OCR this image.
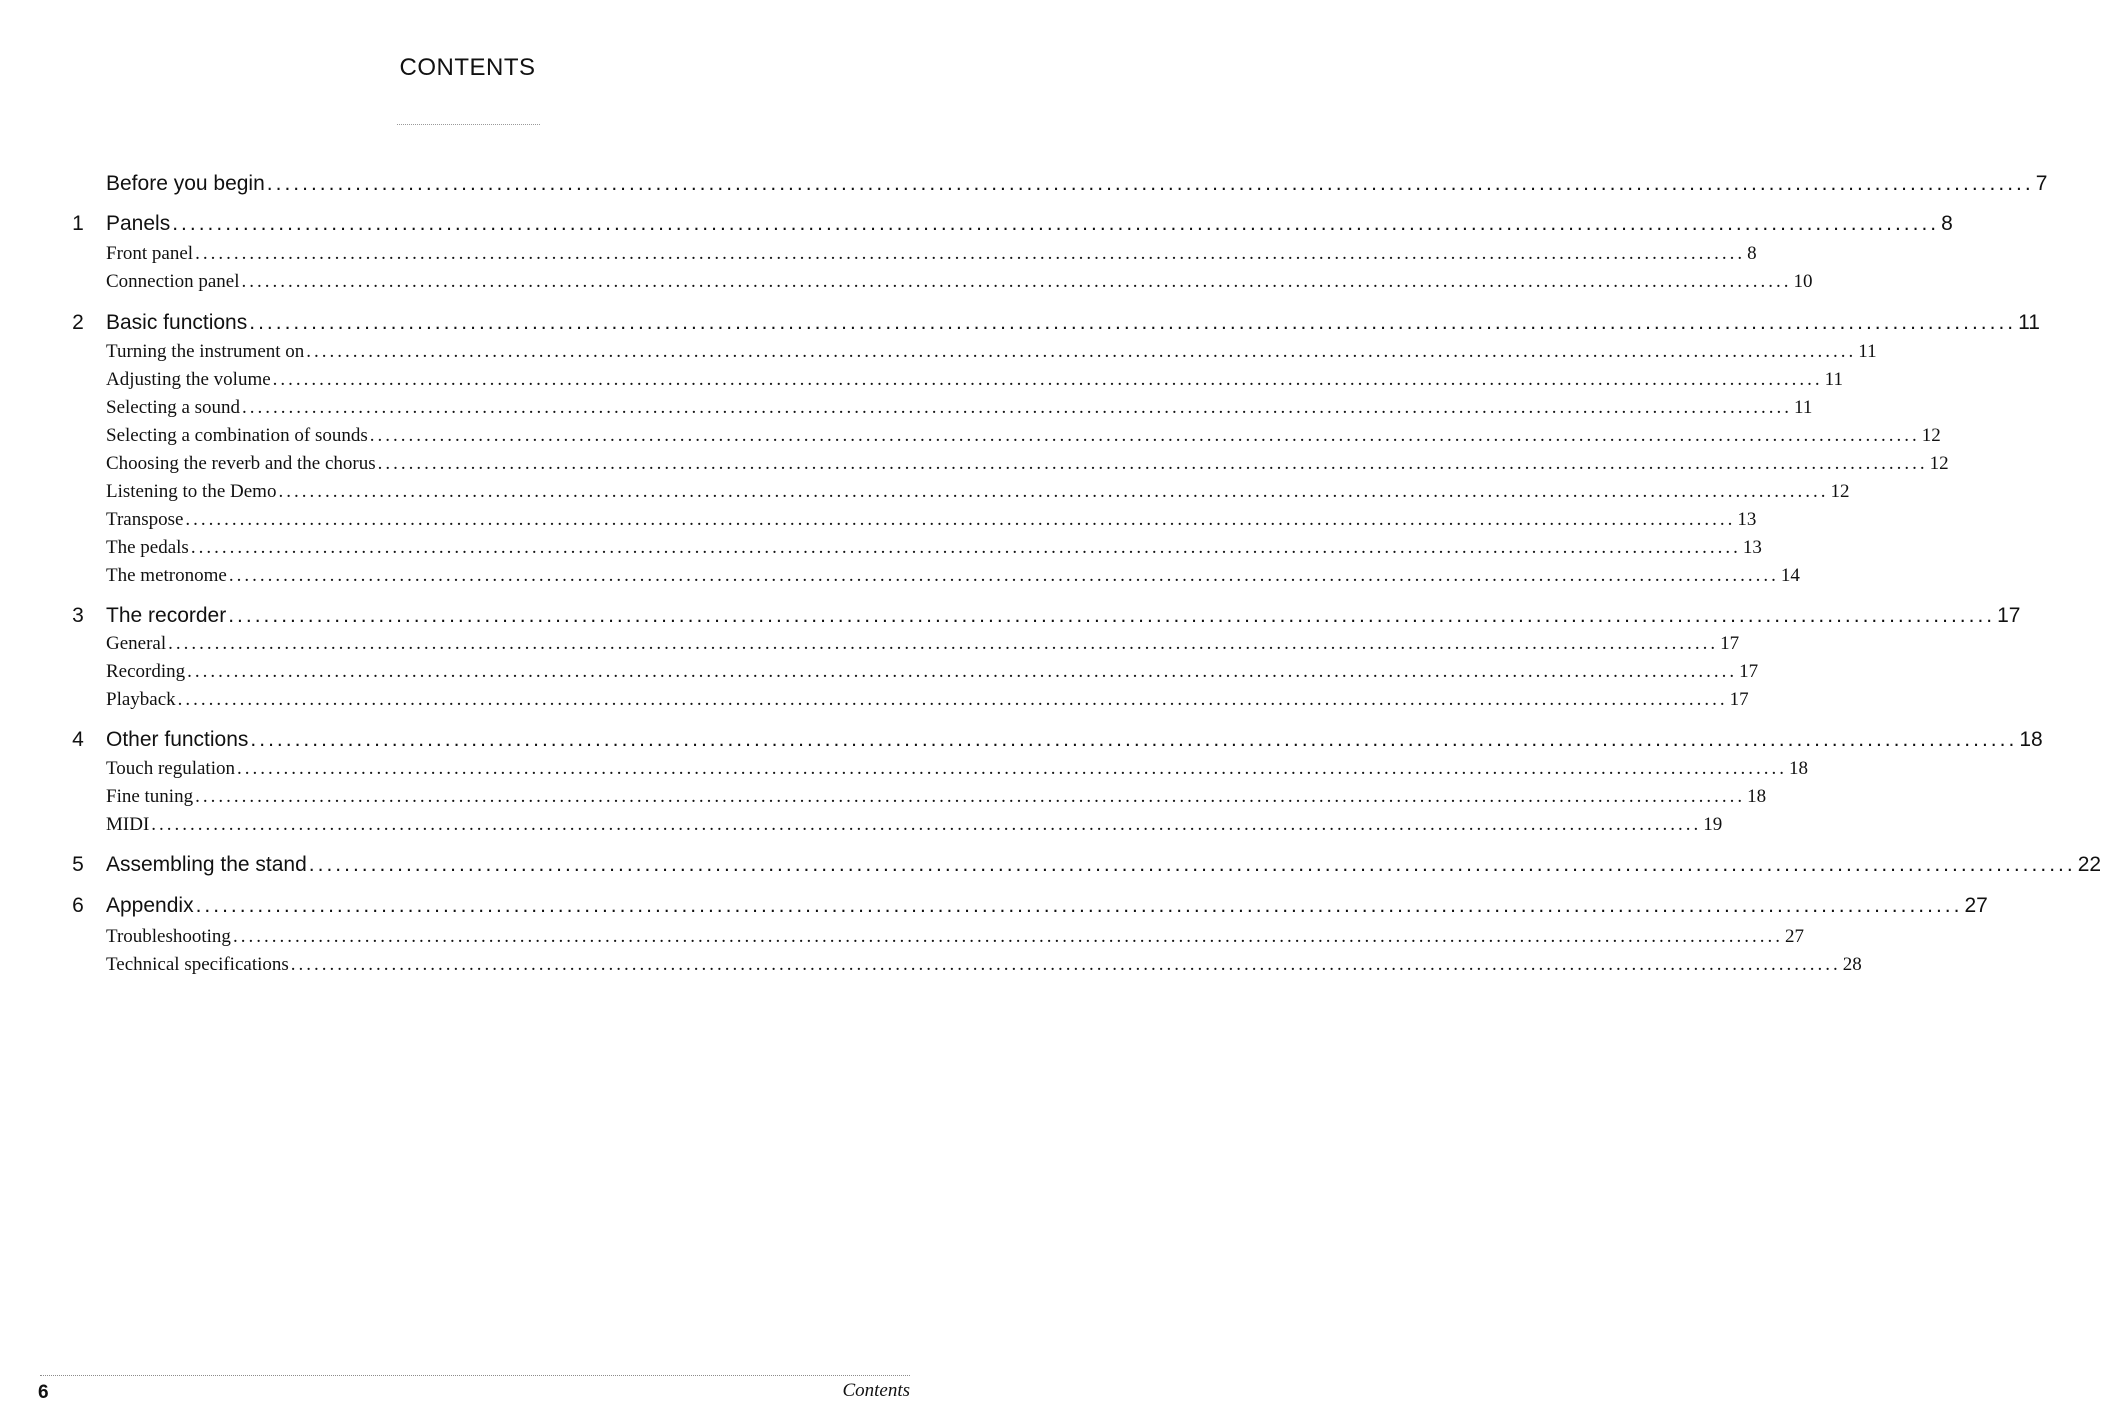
CONTENTS
Before you begin ........................................................................................................................................................................................................ 7
1 Panels ........................................................................................................................................................................................................ 8
Front panel ........................................................................................................................................................................................................ 8
Connection panel ........................................................................................................................................................................................................ 10
2 Basic functions ........................................................................................................................................................................................................ 11
Turning the instrument on ........................................................................................................................................................................................................ 11
Adjusting the volume ........................................................................................................................................................................................................ 11
Selecting a sound ........................................................................................................................................................................................................ 11
Selecting a combination of sounds ........................................................................................................................................................................................................ 12
Choosing the reverb and the chorus ........................................................................................................................................................................................................ 12
Listening to the Demo ........................................................................................................................................................................................................ 12
Transpose ........................................................................................................................................................................................................ 13
The pedals ........................................................................................................................................................................................................ 13
The metronome ........................................................................................................................................................................................................ 14
3 The recorder ........................................................................................................................................................................................................ 17
General ........................................................................................................................................................................................................ 17
Recording ........................................................................................................................................................................................................ 17
Playback ........................................................................................................................................................................................................ 17
4 Other functions ........................................................................................................................................................................................................ 18
Touch regulation ........................................................................................................................................................................................................ 18
Fine tuning ........................................................................................................................................................................................................ 18
MIDI ........................................................................................................................................................................................................ 19
5 Assembling the stand ........................................................................................................................................................................................................ 22
6 Appendix ........................................................................................................................................................................................................ 27
Troubleshooting ........................................................................................................................................................................................................ 27
Technical specifications ........................................................................................................................................................................................................ 28
6	Contents
